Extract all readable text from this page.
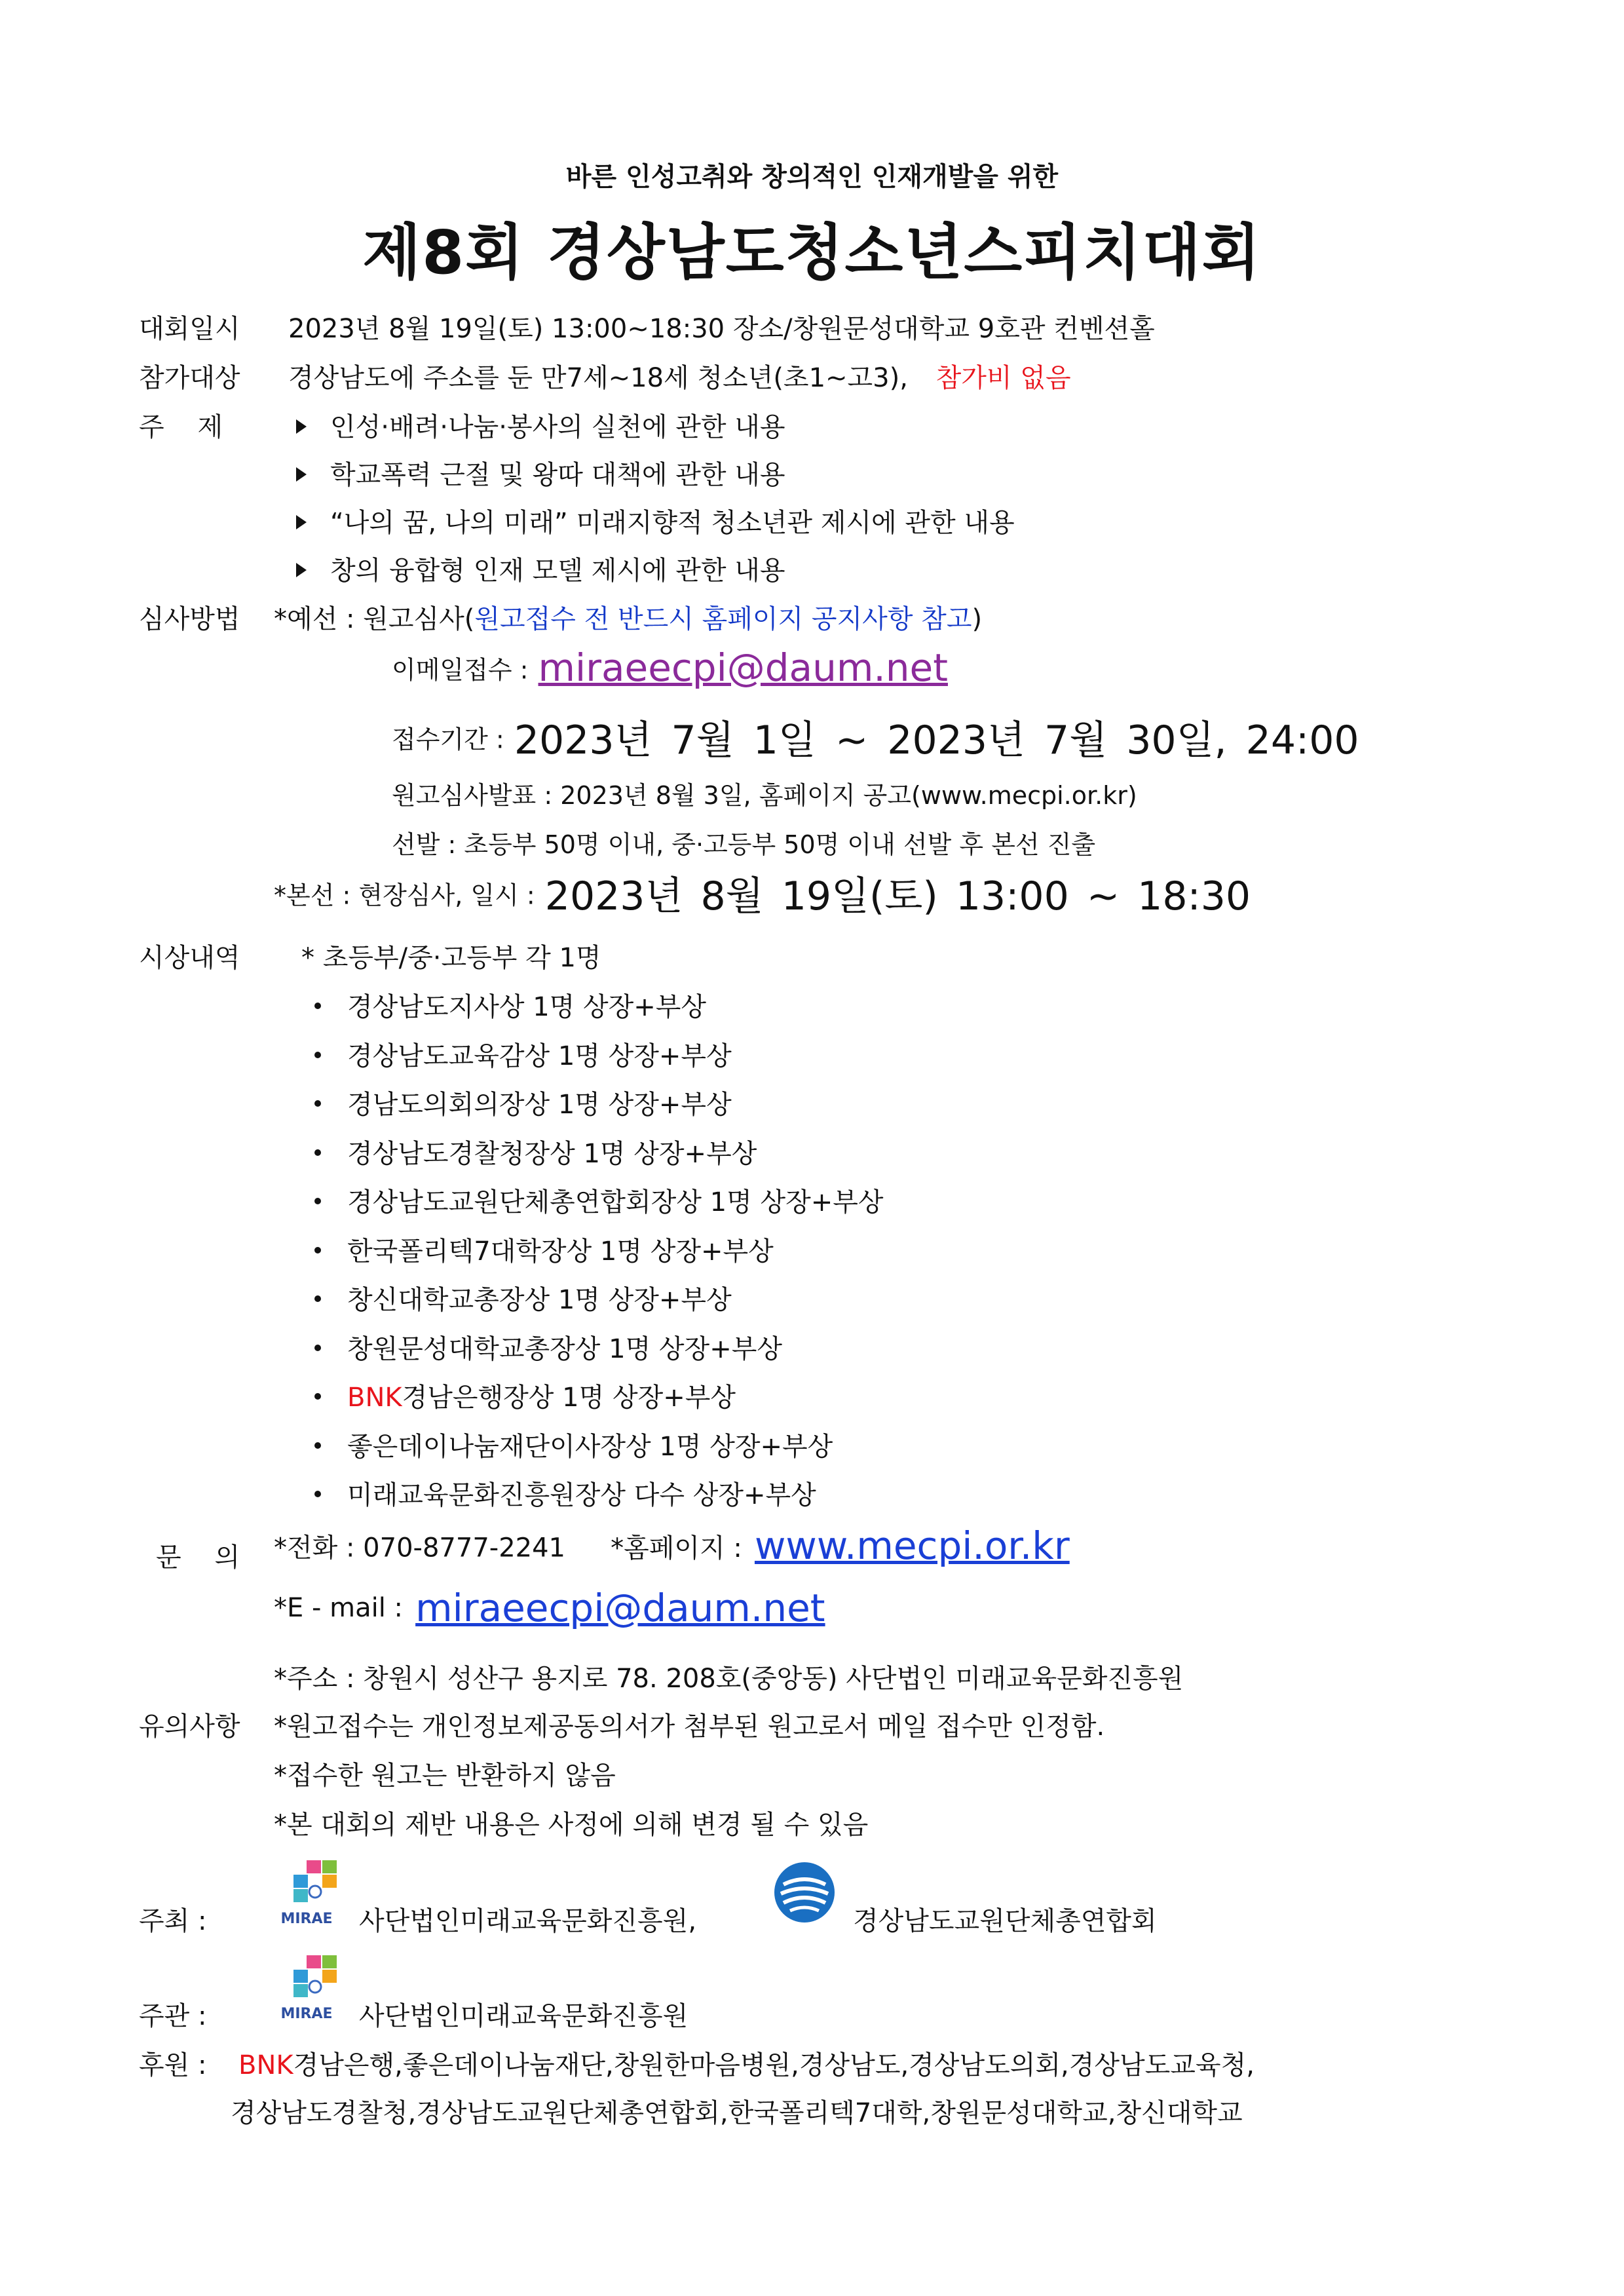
바른 인성고취와 창의적인 인재개발을 위한
제8회 경상남도청소년스피치대회
대회일시 2023년 8월 19일(토) 13:00~18:30 장소/창원문성대학교 9호관 컨벤션홀
참가대상 경상남도에 주소를 둔 만7세~18세 청소년(초1~고3), 참가비 없음
주    제	인성·배려·나눔·봉사의 실천에 관한 내용
학교폭력 근절 및 왕따 대책에 관한 내용
“나의 꿈, 나의 미래” 미래지향적 청소년관 제시에 관한 내용
창의 융합형 인재 모델 제시에 관한 내용
심사방법 *예선 : 원고심사(원고접수 전 반드시 홈페이지 공지사항 참고)
이메일접수 : miraeecpi@daum.net
접수기간 : 2023년 7월 1일 ~ 2023년 7월 30일, 24:00
원고심사발표 : 2023년 8월 3일, 홈페이지 공고(www.mecpi.or.kr)
선발 : 초등부 50명 이내, 중·고등부 50명 이내 선발 후 본선 진출
*본선 : 현장심사, 일시 : 2023년 8월 19일(토) 13:00 ~ 18:30
시상내역 * 초등부/중·고등부 각 1명
경상남도지사상 1명 상장+부상
경상남도교육감상 1명 상장+부상
경남도의회의장상 1명 상장+부상
경상남도경찰청장상 1명 상장+부상
경상남도교원단체총연합회장상 1명 상장+부상
한국폴리텍7대학장상 1명 상장+부상
창신대학교총장상 1명 상장+부상
창원문성대학교총장상 1명 상장+부상
BNK경남은행장상 1명 상장+부상
좋은데이나눔재단이사장상 1명 상장+부상
미래교육문화진흥원장상 다수 상장+부상
문    의 *전화 : 070-8777-2241 *홈페이지 : www.mecpi.or.kr
*E - mail : miraeecpi@daum.net
*주소 : 창원시 성산구 용지로 78. 208호(중앙동) 사단법인 미래교육문화진흥원
유의사항 *원고접수는 개인정보제공동의서가 첨부된 원고로서 메일 접수만 인정함.
*접수한 원고는 반환하지 않음
*본 대회의 제반 내용은 사정에 의해 변경 될 수 있음
주최 :	MIRAE 사단법인미래교육문화진흥원,	경상남도교원단체총연합회
주관 :	MIRAE 사단법인미래교육문화진흥원
후원 : BNK경남은행,좋은데이나눔재단,창원한마음병원,경상남도,경상남도의회,경상남도교육청,
경상남도경찰청,경상남도교원단체총연합회,한국폴리텍7대학,창원문성대학교,창신대학교
